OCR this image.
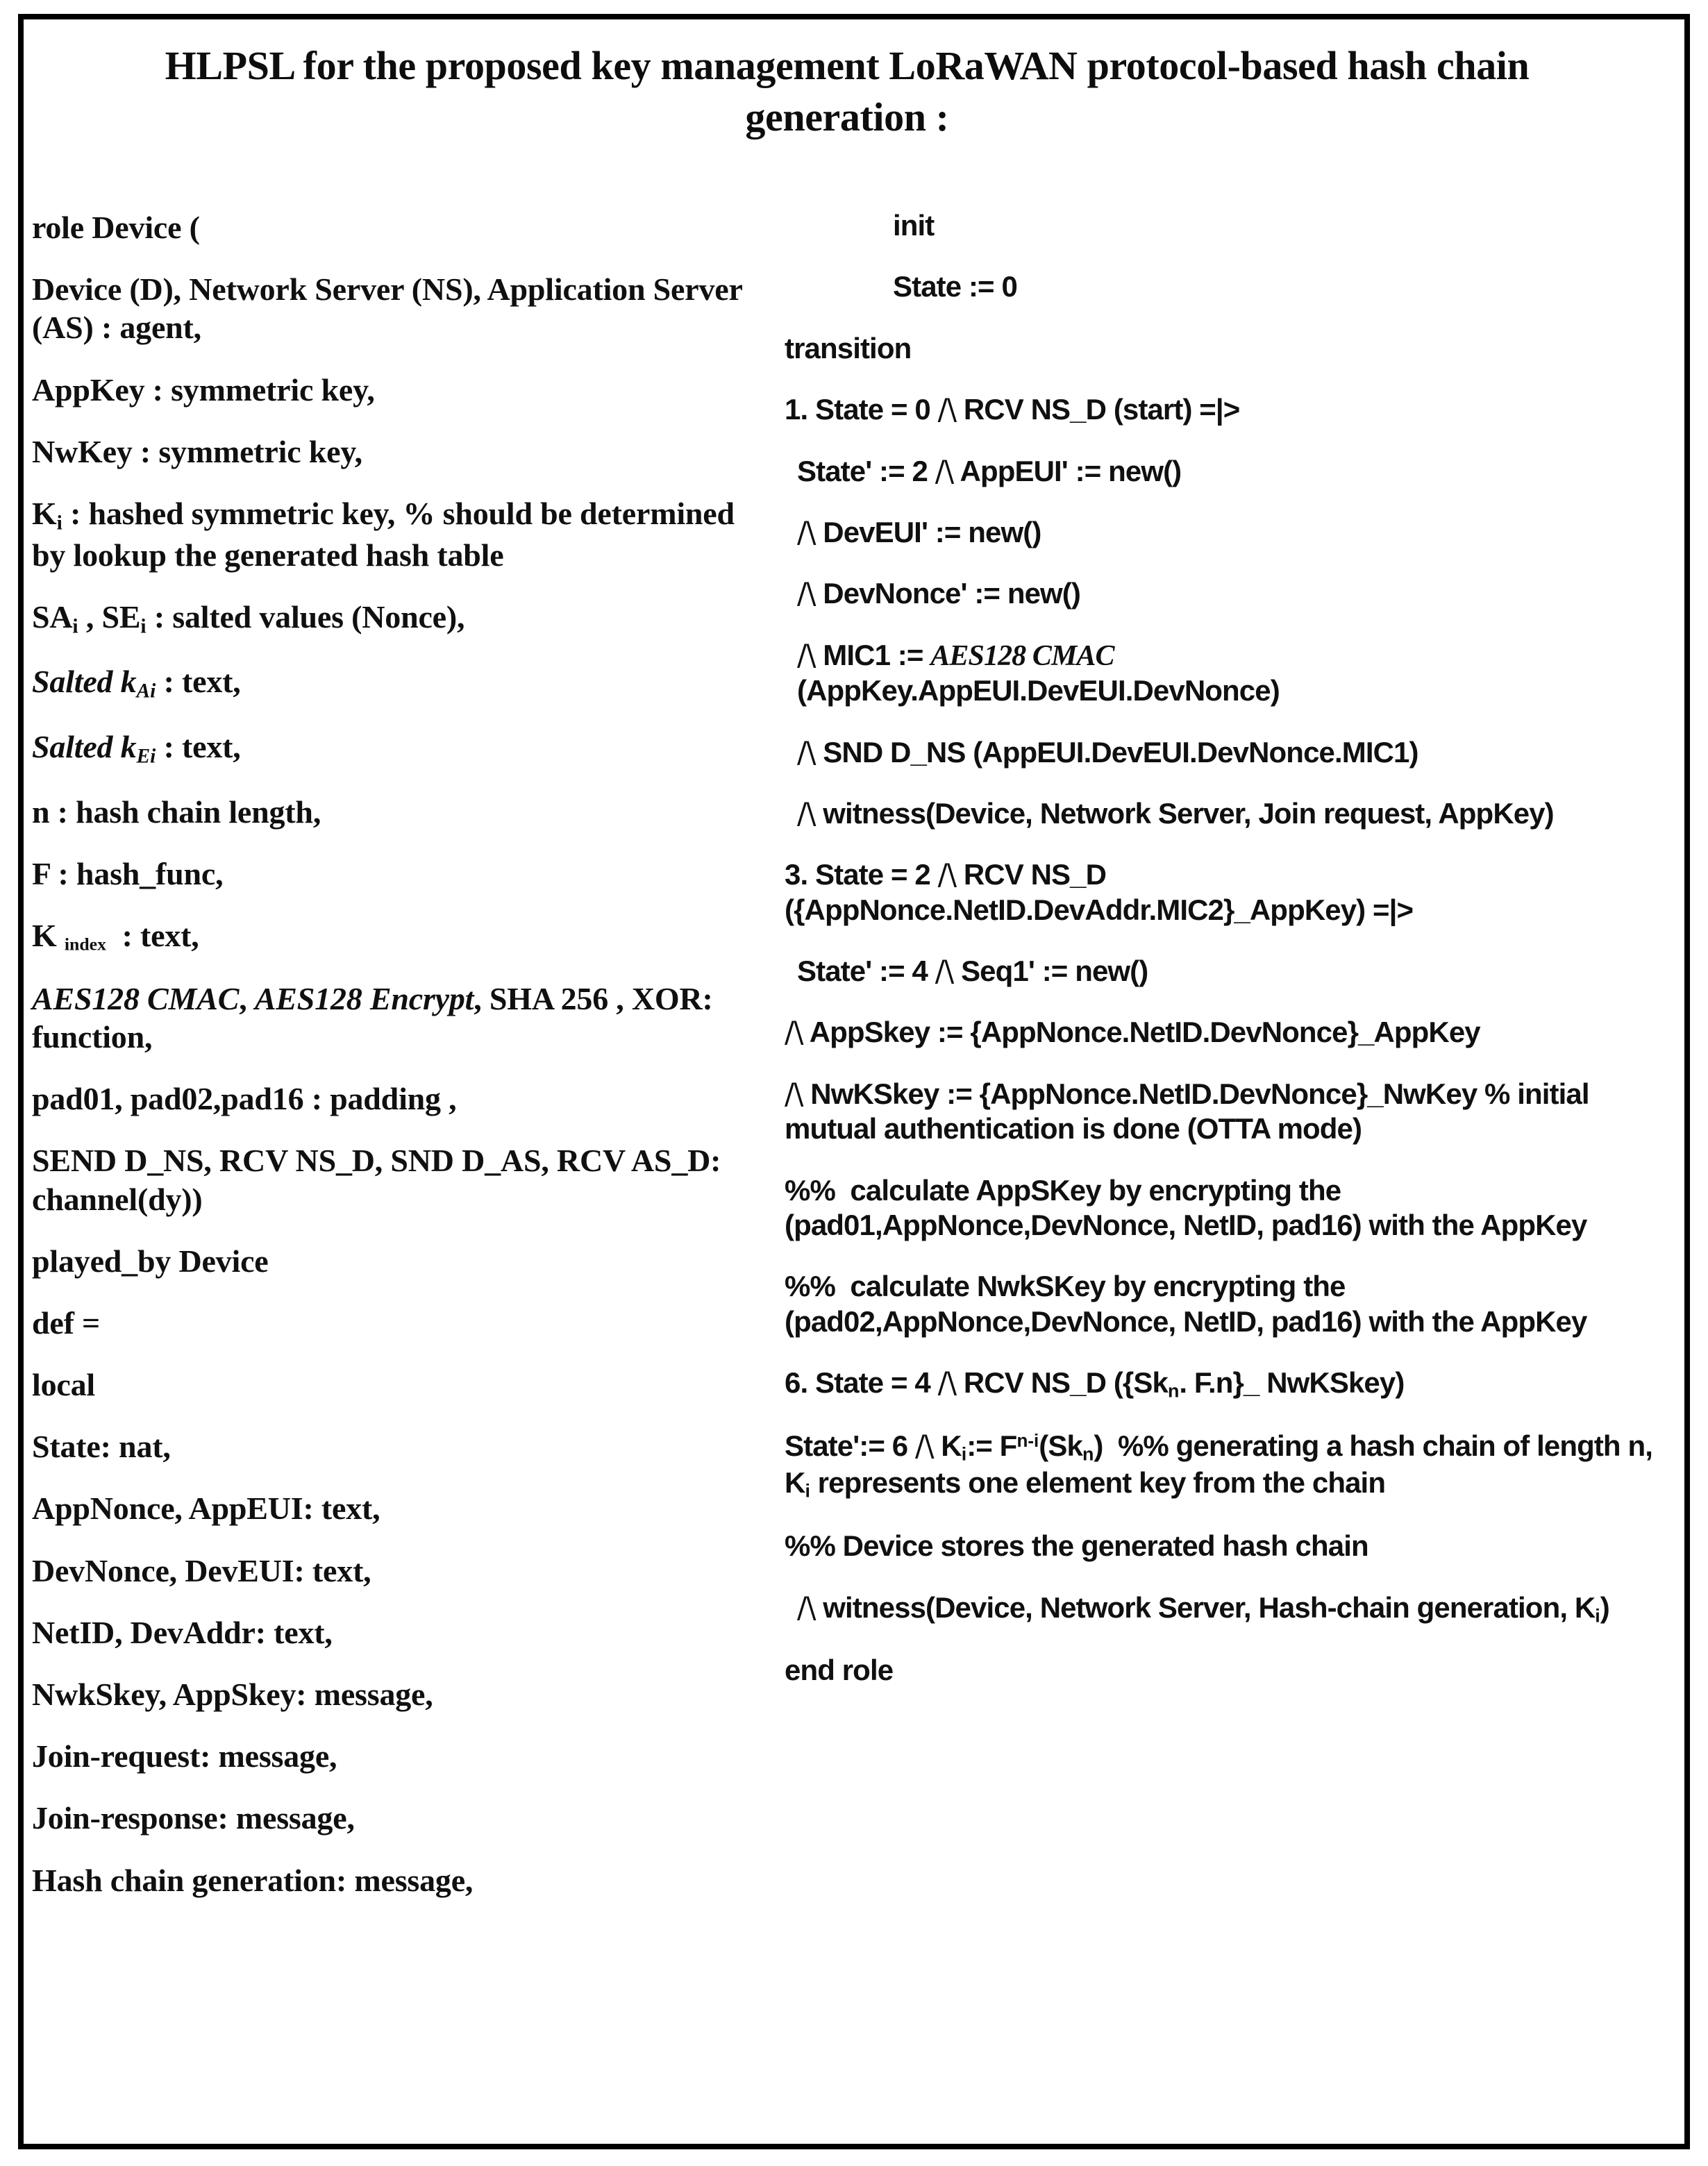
HLPSL for the proposed key management LoRaWAN protocol-based hash chain generation :

role Device (

Device (D), Network Server (NS), Application Server (AS) : agent,

AppKey : symmetric key,

NwKey : symmetric key,

Ki : hashed symmetric key, % should be determined by lookup the generated hash table

SAi , SEi : salted values (Nonce),

Salted $k_{Ai}$ : text,

Salted $k_{Ei}$ : text,

n : hash chain length,

F : hash_func,

K index  : text,

AES128 CMAC, AES128 Encrypt, SHA 256 , XOR: function,

pad01, pad02,pad16 : padding ,

SEND D_NS, RCV NS_D, SND D_AS, RCV AS_D: channel(dy))

played_by Device

def =

local

State: nat,

AppNonce, AppEUI: text,

DevNonce, DevEUI: text,

NetID, DevAddr: text,

NwkSkey, AppSkey: message,

Join-request: message,

Join-response: message,

Hash chain generation: message,

init

State := 0

transition

1. State = 0 /\ RCV NS_D (start) =|>

State' := 2 /\ AppEUI' := new()

/\ DevEUI' := new()

/\ DevNonce' := new()

/\ MIC1 := AES128 CMAC
(AppKey.AppEUI.DevEUI.DevNonce)

/\ SND D_NS (AppEUI.DevEUI.DevNonce.MIC1)

/\ witness(Device, Network Server, Join request, AppKey)

3. State = 2 /\ RCV NS_D
({AppNonce.NetID.DevAddr.MIC2}_AppKey) =|>

State' := 4 /\ Seq1' := new()

/\ AppSkey := {AppNonce.NetID.DevNonce}_AppKey

/\ NwKSkey := {AppNonce.NetID.DevNonce}_NwKey % initial mutual authentication is done (OTTA mode)

%%  calculate AppSKey by encrypting the
(pad01,AppNonce,DevNonce, NetID, pad16) with the AppKey

%%  calculate NwkSKey by encrypting the
(pad02,AppNonce,DevNonce, NetID, pad16) with the AppKey

6. State = 4 /\ RCV NS_D ({Skn. F.n}_ NwKSkey)

State':= 6 /\ Ki:= $F^{n-i}(Skn)$  %% generating a hash chain of length n, Ki represents one element key from the chain

%% Device stores the generated hash chain

/\ witness(Device, Network Server, Hash-chain generation, Ki)

end role
